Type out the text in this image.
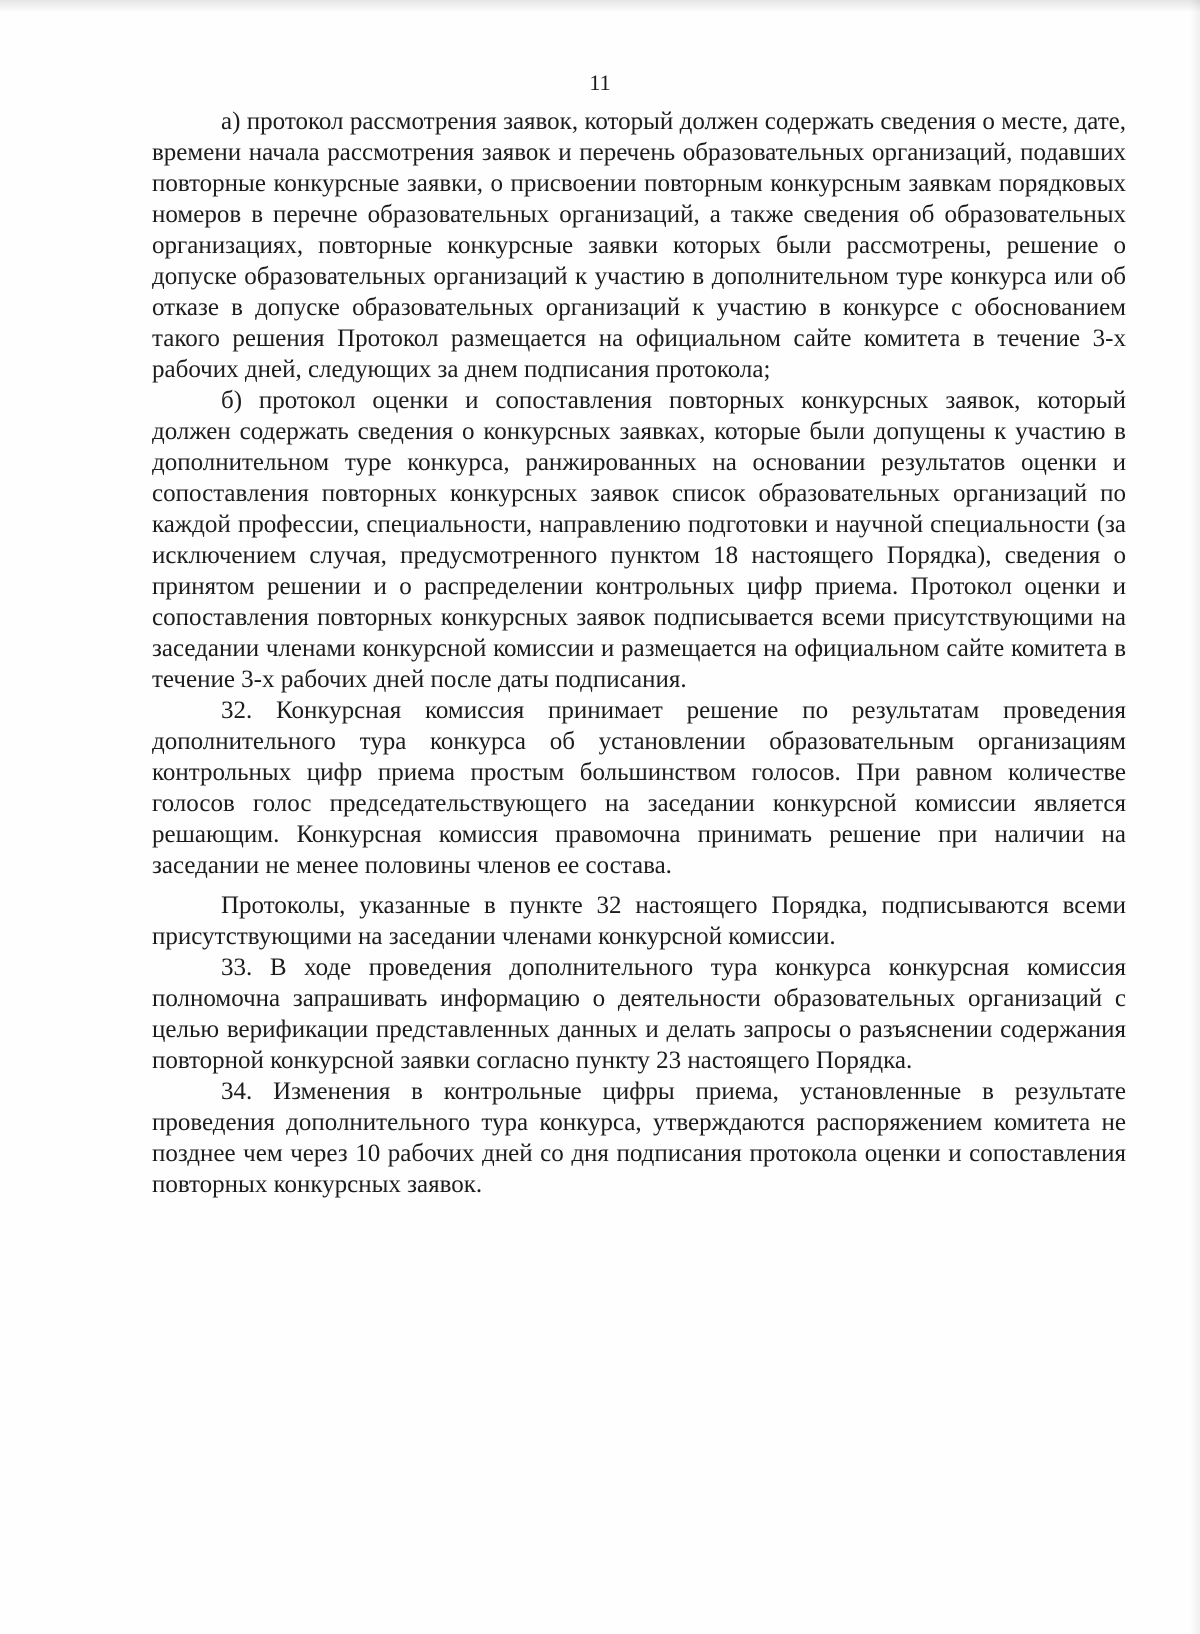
11

а) протокол рассмотрения заявок, который должен содержать сведения о месте, дате, времени начала рассмотрения заявок и перечень образовательных организаций, подавших повторные конкурсные заявки, о присвоении повторным конкурсным заявкам порядковых номеров в перечне образовательных организаций, а также сведения об образовательных организациях, повторные конкурсные заявки которых были рассмотрены, решение о допуске образовательных организаций к участию в дополнительном туре конкурса или об отказе в допуске образовательных организаций к участию в конкурсе с обоснованием такого решения Протокол размещается на официальном сайте комитета в течение 3-х рабочих дней, следующих за днем подписания протокола;

б) протокол оценки и сопоставления повторных конкурсных заявок, который должен содержать сведения о конкурсных заявках, которые были допущены к участию в дополнительном туре конкурса, ранжированных на основании результатов оценки и сопоставления повторных конкурсных заявок список образовательных организаций по каждой профессии, специальности, направлению подготовки и научной специальности (за исключением случая, предусмотренного пунктом 18 настоящего Порядка), сведения о принятом решении и о распределении контрольных цифр приема. Протокол оценки и сопоставления повторных конкурсных заявок подписывается всеми присутствующими на заседании членами конкурсной комиссии и размещается на официальном сайте комитета в течение 3-х рабочих дней после даты подписания.

32. Конкурсная комиссия принимает решение по результатам проведения дополнительного тура конкурса об установлении образовательным организациям контрольных цифр приема простым большинством голосов. При равном количестве голосов голос председательствующего на заседании конкурсной комиссии является решающим. Конкурсная комиссия правомочна принимать решение при наличии на заседании не менее половины членов ее состава.

Протоколы, указанные в пункте 32 настоящего Порядка, подписываются всеми присутствующими на заседании членами конкурсной комиссии.

33. В ходе проведения дополнительного тура конкурса конкурсная комиссия полномочна запрашивать информацию о деятельности образовательных организаций с целью верификации представленных данных и делать запросы о разъяснении содержания повторной конкурсной заявки согласно пункту 23 настоящего Порядка.

34. Изменения в контрольные цифры приема, установленные в результате проведения дополнительного тура конкурса, утверждаются распоряжением комитета не позднее чем через 10 рабочих дней со дня подписания протокола оценки и сопоставления повторных конкурсных заявок.
